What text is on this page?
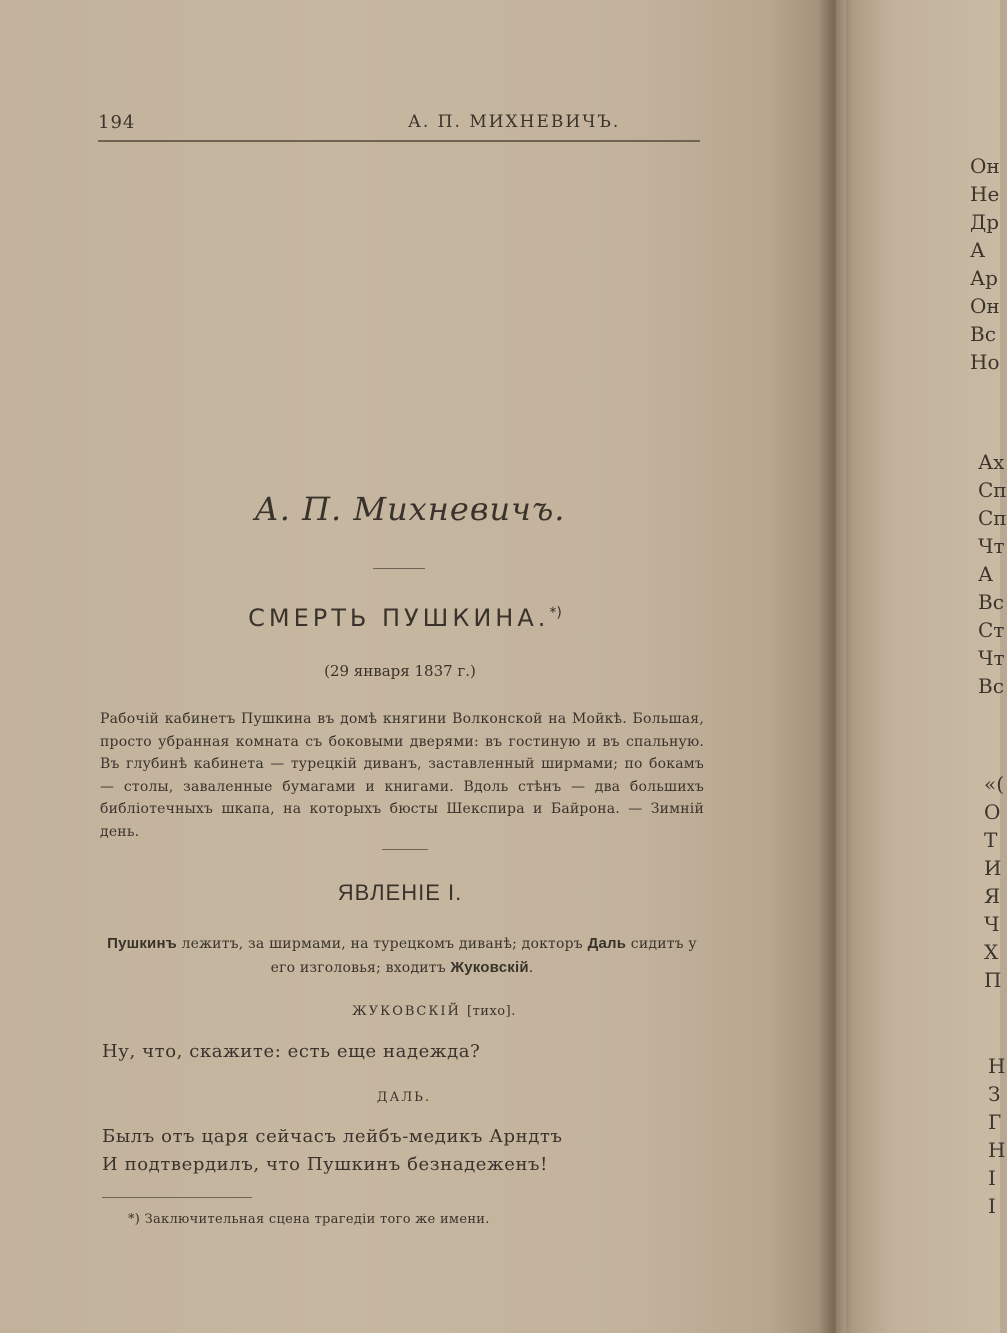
194	А. П. МИХНЕВИЧЪ.
А. П. Михневичъ.
СМЕРТЬ ПУШКИНА.*)
(29 января 1837 г.)
Рабочій кабинетъ Пушкина въ домѣ княгини Волконской на Мойкѣ. Большая, просто убранная комната съ боковыми дверями: въ гостиную и въ спальную. Въ глубинѣ кабинета — турецкій диванъ, заставленный ширмами; по бокамъ — столы, заваленные бумагами и книгами. Вдоль стѣнъ — два большихъ библіотечныхъ шкапа, на которыхъ бюсты Шекспира и Байрона. — Зимній день.
ЯВЛЕНІЕ I.
Пушкинъ лежитъ, за ширмами, на турецкомъ диванѣ; докторъ Даль сидитъ у его изголовья; входитъ Жуковскій.
ЖУКОВСКІЙ [тихо].
Ну, что, скажите: есть еще надежда?
ДАЛЬ.
Былъ отъ царя сейчасъ лейбъ-медикъ Арндтъ
И подтвердилъ, что Пушкинъ безнадеженъ!
*) Заключительная сцена трагедіи того же имени.
Он
Не
Др
А
Ар
Он
Вс
Но
Ах
Сп
Сп
Чт
А
Вс
Ст
Чт
Вс
«(
О
Т
И
Я
Ч
Х
П
Н
З
Г
Н
І
І
